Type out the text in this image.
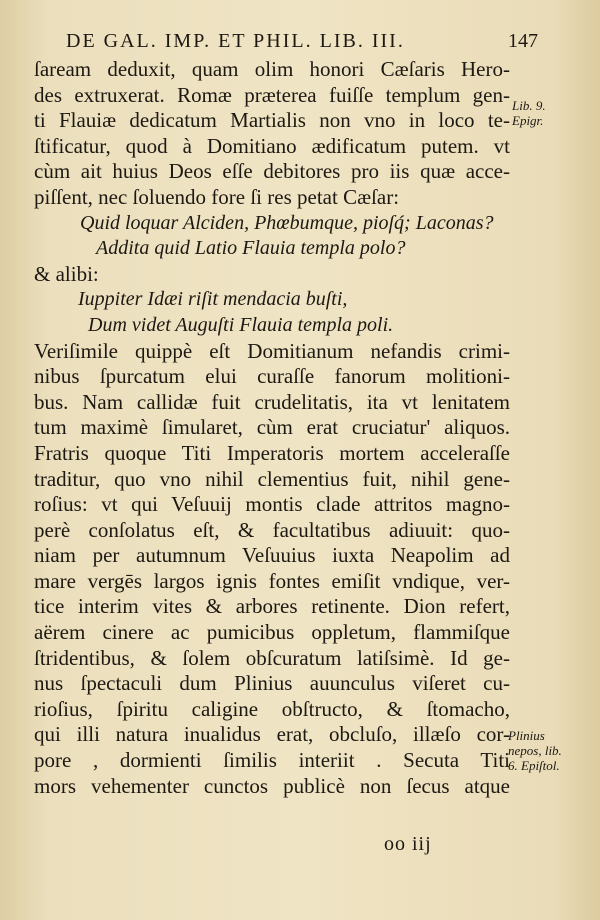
DE GAL. IMP. ET PHIL. LIB. III.	147
ſaream deduxit, quam olim honori Cæſaris Hero-
des extruxerat. Romæ præterea fuiſſe templum gen-
ti Flauiæ dedicatum Martialis non vno in loco te-
ſtificatur, quod à Domitiano ædificatum putem. vt
cùm ait huius Deos eſſe debitores pro iis quæ acce-
piſſent, nec ſoluendo fore ſi res petat Cæſar:
Quid loquar Alciden, Phœbumque, pioſq́; Laconas?
Addita quid Latio Flauia templa polo?
& alibi:
Iuppiter Idæi riſit mendacia buſti,
Dum videt Auguſti Flauia templa poli.
Veriſimile quippè eſt Domitianum nefandis crimi-
nibus ſpurcatum elui curaſſe fanorum molitioni-
bus. Nam callidæ fuit crudelitatis, ita vt lenitatem
tum maximè ſimularet, cùm erat cruciatur' aliquos.
Fratris quoque Titi Imperatoris mortem acceleraſſe
traditur, quo vno nihil clementius fuit, nihil gene-
roſius: vt qui Veſuuij montis clade attritos magno-
perè conſolatus eſt, & facultatibus adiuuit: quo-
niam per autumnum Veſuuius iuxta Neapolim ad
mare vergēs largos ignis fontes emiſit vndique, ver-
tice interim vites & arbores retinente. Dion refert,
aërem cinere ac pumicibus oppletum, flammiſque
ſtridentibus, & ſolem obſcuratum latiſsimè. Id ge-
nus ſpectaculi dum Plinius auunculus viſeret cu-
rioſius, ſpiritu caligine obſtructo, & ſtomacho,
qui illi natura inualidus erat, obcluſo, illæſo cor-
pore , dormienti ſimilis interiit . Secuta Titi
mors vehementer cunctos publicè non ſecus atque
Lib. 9.
Epigr.
Plinius
nepos, lib.
6. Epiſtol.
oo iij
